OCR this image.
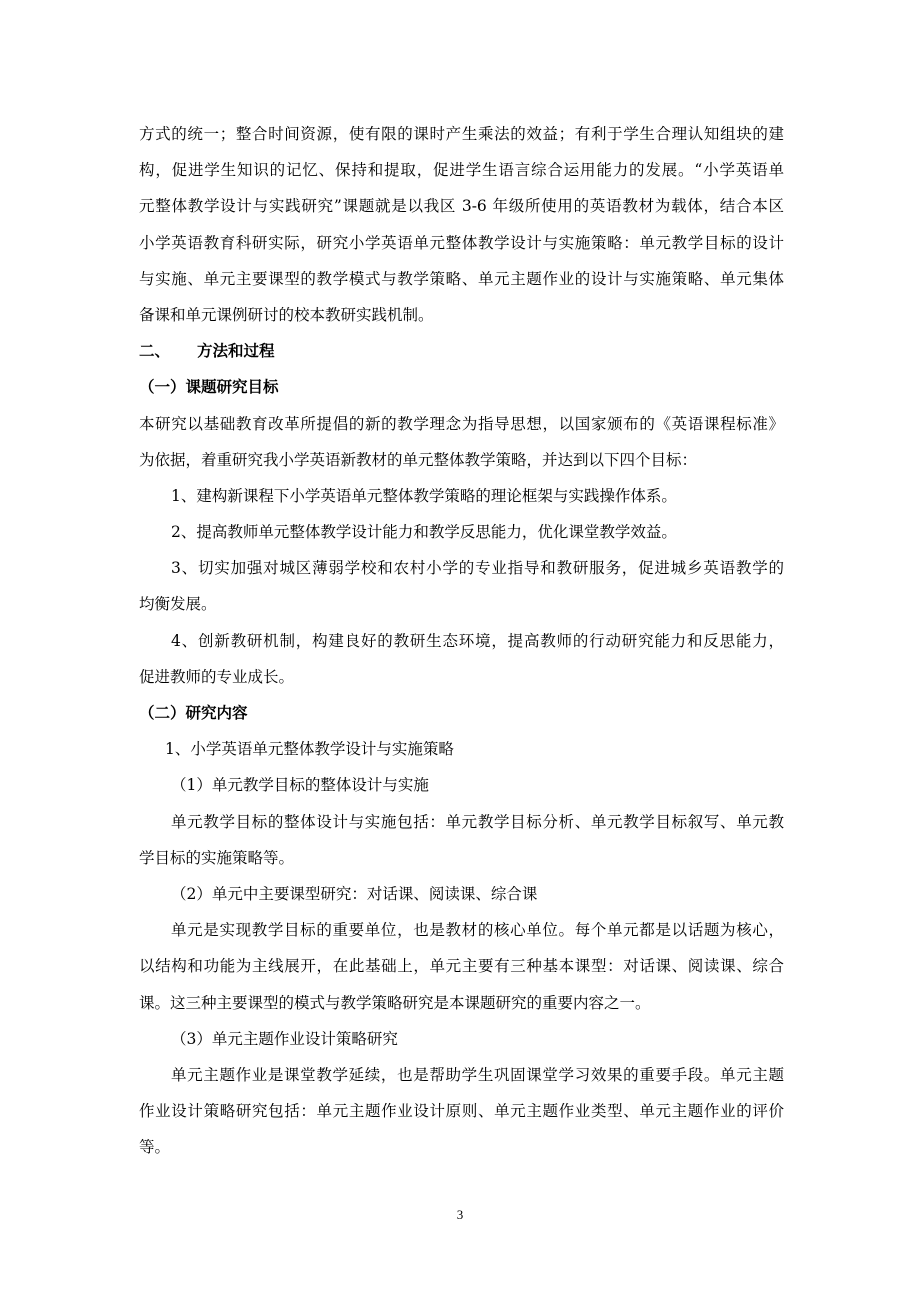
方式的统一；整合时间资源，使有限的课时产生乘法的效益；有利于学生合理认知组块的建
构，促进学生知识的记忆、保持和提取，促进学生语言综合运用能力的发展。“小学英语单
元整体教学设计与实践研究”课题就是以我区 3-6 年级所使用的英语教材为载体，结合本区
小学英语教育科研实际，研究小学英语单元整体教学设计与实施策略：单元教学目标的设计
与实施、单元主要课型的教学模式与教学策略、单元主题作业的设计与实施策略、单元集体
备课和单元课例研讨的校本教研实践机制。
二、 方法和过程
（一）课题研究目标
本研究以基础教育改革所提倡的新的教学理念为指导思想，以国家颁布的《英语课程标准》
为依据，着重研究我小学英语新教材的单元整体教学策略，并达到以下四个目标：
1、建构新课程下小学英语单元整体教学策略的理论框架与实践操作体系。
2、提高教师单元整体教学设计能力和教学反思能力，优化课堂教学效益。
3、切实加强对城区薄弱学校和农村小学的专业指导和教研服务，促进城乡英语教学的
均衡发展。
4、创新教研机制，构建良好的教研生态环境，提高教师的行动研究能力和反思能力，
促进教师的专业成长。
（二）研究内容
1、小学英语单元整体教学设计与实施策略
（1）单元教学目标的整体设计与实施
单元教学目标的整体设计与实施包括：单元教学目标分析、单元教学目标叙写、单元教
学目标的实施策略等。
（2）单元中主要课型研究：对话课、阅读课、综合课
单元是实现教学目标的重要单位，也是教材的核心单位。每个单元都是以话题为核心，
以结构和功能为主线展开，在此基础上，单元主要有三种基本课型：对话课、阅读课、综合
课。这三种主要课型的模式与教学策略研究是本课题研究的重要内容之一。
（3）单元主题作业设计策略研究
单元主题作业是课堂教学延续，也是帮助学生巩固课堂学习效果的重要手段。单元主题
作业设计策略研究包括：单元主题作业设计原则、单元主题作业类型、单元主题作业的评价
等。
3
